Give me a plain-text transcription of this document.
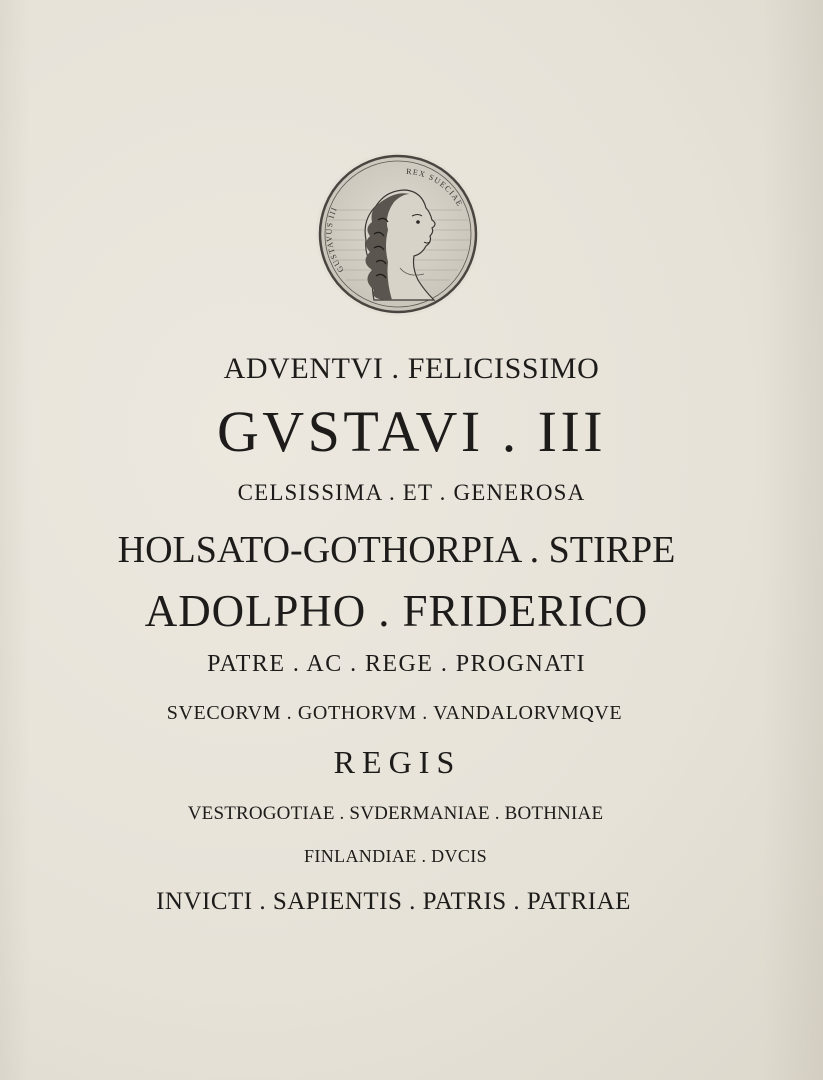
GUSTAVUS III
REX SUECIAE
ADVENTVI . FELICISSIMO
GVSTAVI . III
CELSISSIMA . ET . GENEROSA
HOLSATO-GOTHORPIA . STIRPE
ADOLPHO . FRIDERICO
PATRE . AC . REGE . PROGNATI
SVECORVM . GOTHORVM . VANDALORVMQVE
REGIS
VESTROGOTIAE . SVDERMANIAE . BOTHNIAE
FINLANDIAE . DVCIS
INVICTI . SAPIENTIS . PATRIS . PATRIAE
